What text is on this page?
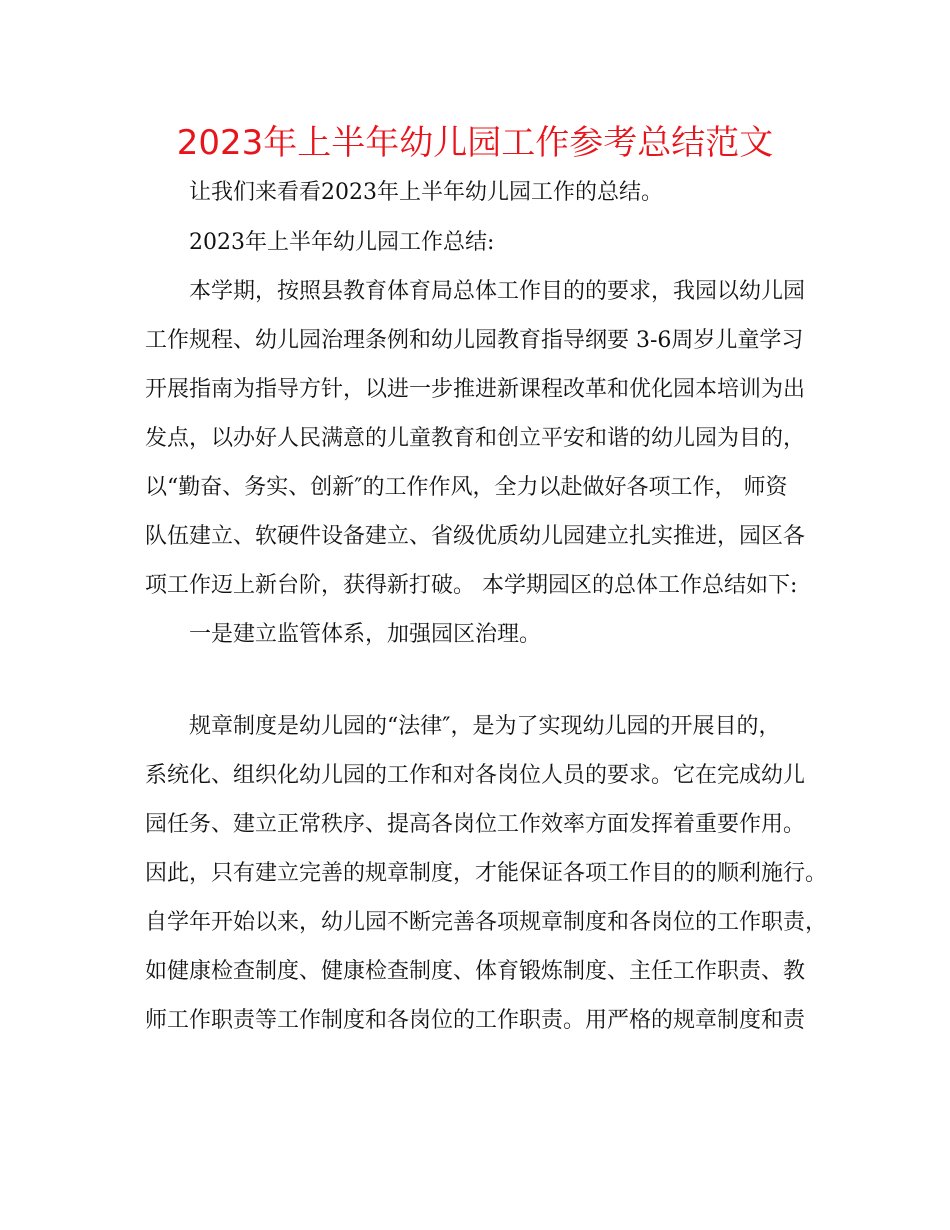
2023年上半年幼儿园工作参考总结范文
让我们来看看2023年上半年幼儿园工作的总结。
2023年上半年幼儿园工作总结:
本学期，按照县教育体育局总体工作目的的要求，我园以幼儿园
工作规程、幼儿园治理条例和幼儿园教育指导纲要 3-6周岁儿童学习
开展指南为指导方针，以进一步推进新课程改革和优化园本培训为出
发点，以办好人民满意的儿童教育和创立平安和谐的幼儿园为目的，
以“勤奋、务实、创新″的工作作风，全力以赴做好各项工作， 师资
队伍建立、软硬件设备建立、省级优质幼儿园建立扎实推进，园区各
项工作迈上新台阶，获得新打破。 本学期园区的总体工作总结如下:
一是建立监管体系，加强园区治理。
规章制度是幼儿园的“法律″，是为了实现幼儿园的开展目的，
系统化、组织化幼儿园的工作和对各岗位人员的要求。它在完成幼儿
园任务、建立正常秩序、提高各岗位工作效率方面发挥着重要作用。
因此，只有建立完善的规章制度，才能保证各项工作目的的顺利施行。
自学年开始以来，幼儿园不断完善各项规章制度和各岗位的工作职责，
如健康检查制度、健康检查制度、体育锻炼制度、主任工作职责、教
师工作职责等工作制度和各岗位的工作职责。用严格的规章制度和责
